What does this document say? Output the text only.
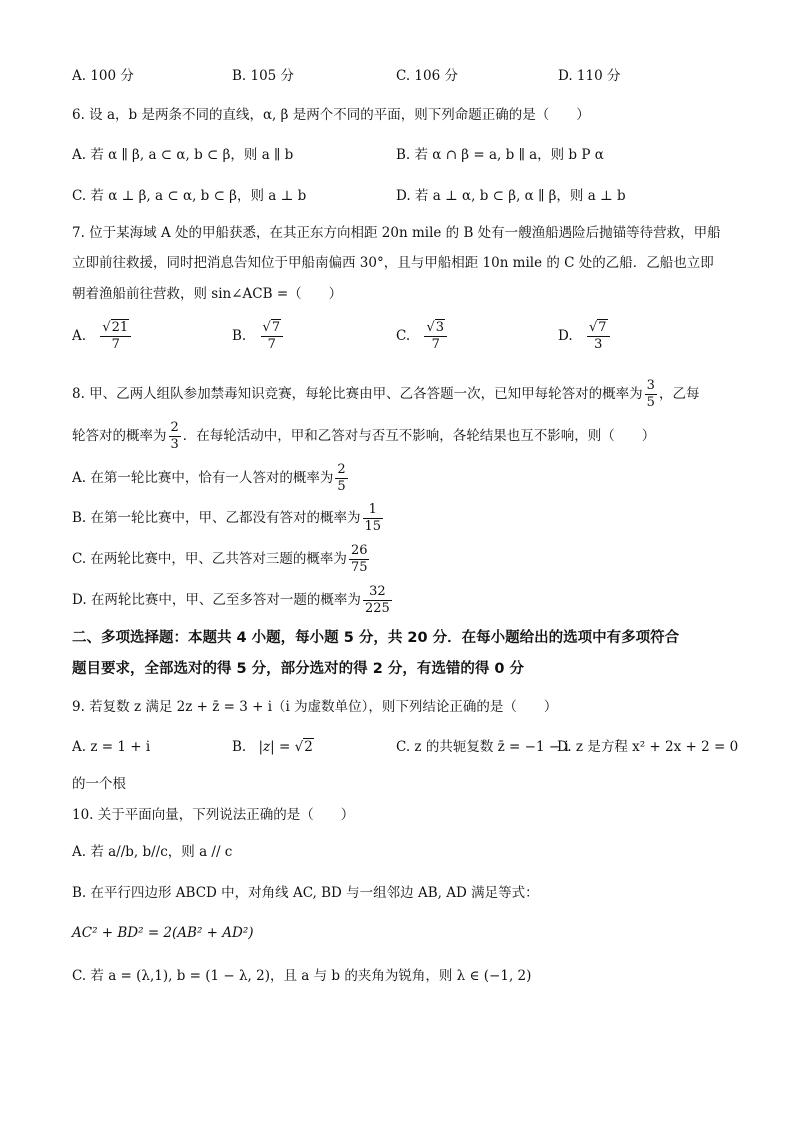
A. 100 分	B. 105 分	C. 106 分	D. 110 分
6. 设 a，b 是两条不同的直线，α, β 是两个不同的平面，则下列命题正确的是（　　）
A. 若 α ∥ β, a ⊂ α, b ⊂ β，则 a ∥ b	B. 若 α ∩ β = a, b ∥ a，则 b P α
C. 若 α ⊥ β, a ⊂ α, b ⊂ β，则 a ⊥ b	D. 若 a ⊥ α, b ⊂ β, α ∥ β，则 a ⊥ b
7. 位于某海域 A 处的甲船获悉，在其正东方向相距 20n mile 的 B 处有一艘渔船遇险后抛锚等待营救，甲船
立即前往救援，同时把消息告知位于甲船南偏西 30°，且与甲船相距 10n mile 的 C 处的乙船．乙船也立即
朝着渔船前往营救，则 sin∠ACB =（　　）
A. $\frac{√21}{7}$	B. $\frac{√7}{7}$	C. $\frac{√3}{7}$	D. $\frac{√7}{3}$
8. 甲、乙两人组队参加禁毒知识竞赛，每轮比赛由甲、乙各答题一次，已知甲每轮答对的概率为 $\frac{3}{5}$ ，乙每
轮答对的概率为 $\frac{2}{3}$ ．在每轮活动中，甲和乙答对与否互不影响，各轮结果也互不影响，则（　　）
A. 在第一轮比赛中，恰有一人答对的概率为 $\frac{2}{5}$
B. 在第一轮比赛中，甲、乙都没有答对的概率为 $\frac{1}{15}$
C. 在两轮比赛中，甲、乙共答对三题的概率为 $\frac{26}{75}$
D. 在两轮比赛中，甲、乙至多答对一题的概率为 $\frac{32}{225}$
二、多项选择题：本题共 4 小题，每小题 5 分，共 20 分．在每小题给出的选项中有多项符合
题目要求，全部选对的得 5 分，部分选对的得 2 分，有选错的得 0 分
9. 若复数 z 满足 2z + z̄ = 3 + i（i 为虚数单位），则下列结论正确的是（　　）
A. z = 1 + i	B. |z| = √2	C. z 的共轭复数 z̄ = −1 − i
D. z 是方程 x² + 2x + 2 = 0
的一个根
10. 关于平面向量，下列说法正确的是（　　）
A. 若 a//b, b//c，则 a // c
B. 在平行四边形 ABCD 中，对角线 AC, BD 与一组邻边 AB, AD 满足等式：
AC² + BD² = 2(AB² + AD²)
C. 若 a = (λ,1), b = (1 − λ, 2)，且 a 与 b 的夹角为锐角，则 λ ∈ (−1, 2)
